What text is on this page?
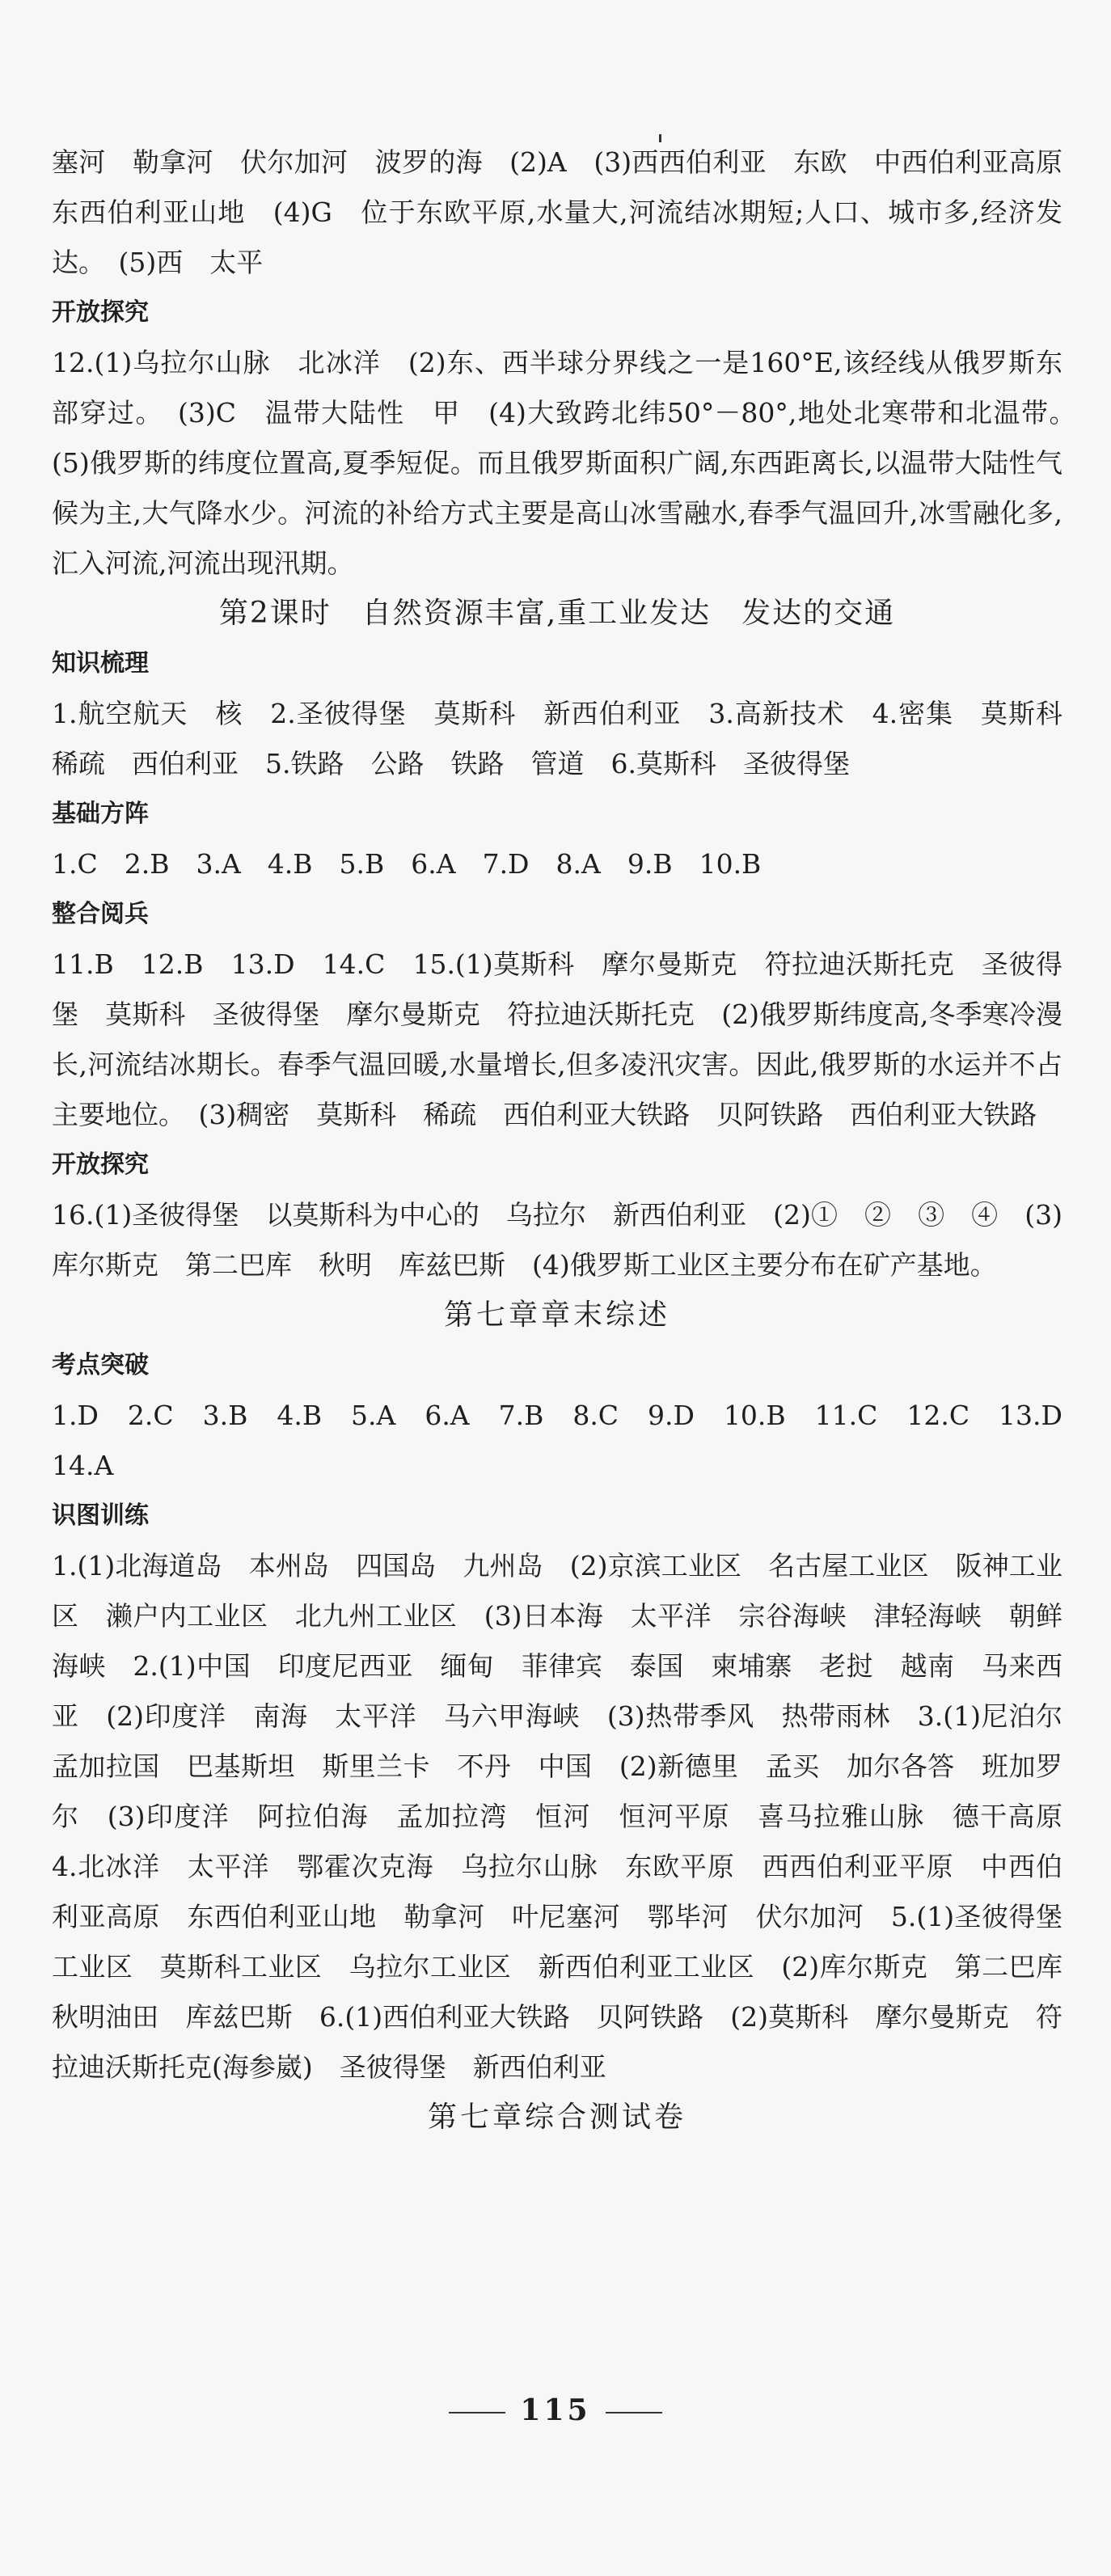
塞河　勒拿河　伏尔加河　波罗的海　(2)A　(3)西西伯利亚　东欧　中西伯利亚高原　东西伯利亚山地　(4)G　位于东欧平原,水量大,河流结冰期短;人口、城市多,经济发达。　(5)西　太平

开放探究

12.(1)乌拉尔山脉　北冰洋　(2)东、西半球分界线之一是160°E,该经线从俄罗斯东部穿过。　(3)C　温带大陆性　甲　(4)大致跨北纬50°－80°,地处北寒带和北温带。　(5)俄罗斯的纬度位置高,夏季短促。而且俄罗斯面积广阔,东西距离长,以温带大陆性气候为主,大气降水少。河流的补给方式主要是高山冰雪融水,春季气温回升,冰雪融化多,汇入河流,河流出现汛期。

第2课时　自然资源丰富,重工业发达　发达的交通
知识梳理

1.航空航天　核　2.圣彼得堡　莫斯科　新西伯利亚　3.高新技术　4.密集　莫斯科　稀疏　西伯利亚　5.铁路　公路　铁路　管道　6.莫斯科　圣彼得堡

基础方阵

1.C　2.B　3.A　4.B　5.B　6.A　7.D　8.A　9.B　10.B

整合阅兵

11.B　12.B　13.D　14.C　15.(1)莫斯科　摩尔曼斯克　符拉迪沃斯托克　圣彼得堡　莫斯科　圣彼得堡　摩尔曼斯克　符拉迪沃斯托克　(2)俄罗斯纬度高,冬季寒冷漫长,河流结冰期长。春季气温回暖,水量增长,但多凌汛灾害。因此,俄罗斯的水运并不占主要地位。　(3)稠密　莫斯科　稀疏　西伯利亚大铁路　贝阿铁路　西伯利亚大铁路

开放探究

16.(1)圣彼得堡　以莫斯科为中心的　乌拉尔　新西伯利亚　(2)①　②　③　④　(3)库尔斯克　第二巴库　秋明　库兹巴斯　(4)俄罗斯工业区主要分布在矿产基地。

第七章章末综述
考点突破

1.D　2.C　3.B　4.B　5.A　6.A　7.B　8.C　9.D　10.B　11.C　12.C　13.D　14.A

识图训练

1.(1)北海道岛　本州岛　四国岛　九州岛　(2)京滨工业区　名古屋工业区　阪神工业区　濑户内工业区　北九州工业区　(3)日本海　太平洋　宗谷海峡　津轻海峡　朝鲜海峡　2.(1)中国　印度尼西亚　缅甸　菲律宾　泰国　柬埔寨　老挝　越南　马来西亚　(2)印度洋　南海　太平洋　马六甲海峡　(3)热带季风　热带雨林　3.(1)尼泊尔　孟加拉国　巴基斯坦　斯里兰卡　不丹　中国　(2)新德里　孟买　加尔各答　班加罗尔　(3)印度洋　阿拉伯海　孟加拉湾　恒河　恒河平原　喜马拉雅山脉　德干高原　4.北冰洋　太平洋　鄂霍次克海　乌拉尔山脉　东欧平原　西西伯利亚平原　中西伯利亚高原　东西伯利亚山地　勒拿河　叶尼塞河　鄂毕河　伏尔加河　5.(1)圣彼得堡工业区　莫斯科工业区　乌拉尔工业区　新西伯利亚工业区　(2)库尔斯克　第二巴库　秋明油田　库兹巴斯　6.(1)西伯利亚大铁路　贝阿铁路　(2)莫斯科　摩尔曼斯克　符拉迪沃斯托克(海参崴)　圣彼得堡　新西伯利亚

第七章综合测试卷
115
